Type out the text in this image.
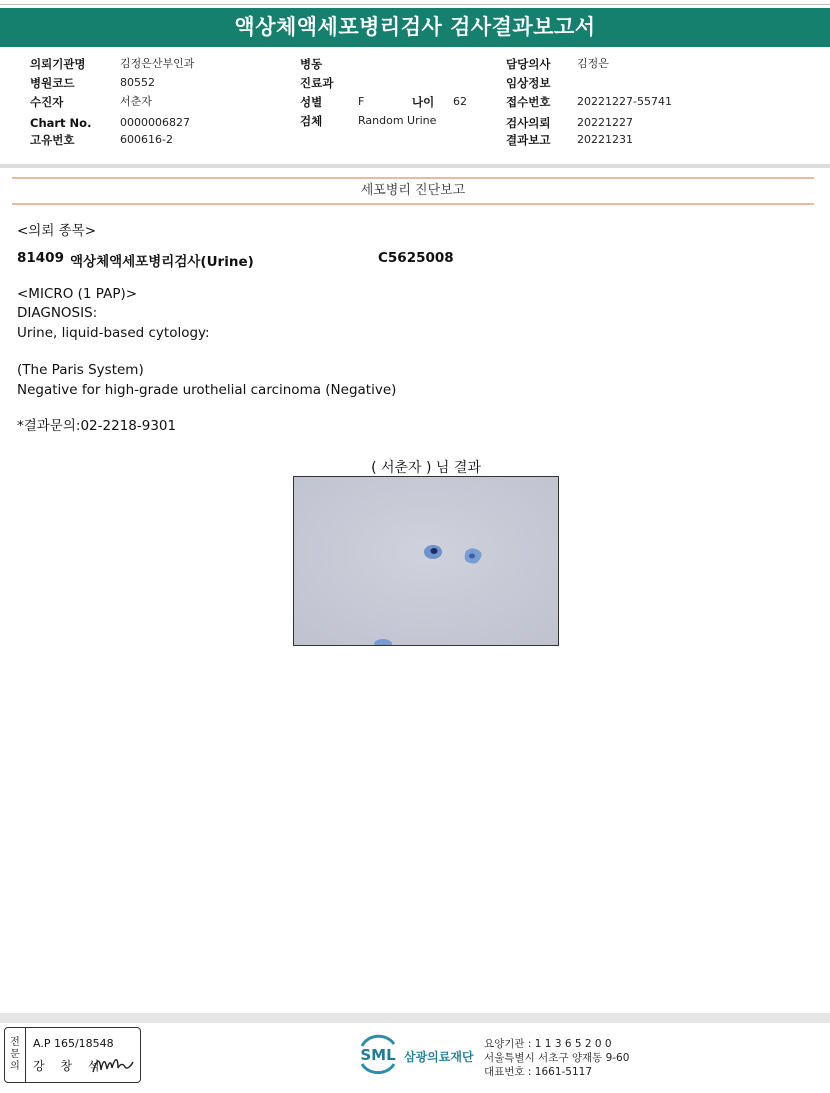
액상체액세포병리검사 검사결과보고서
의뢰기관명	김정은산부인과
병원코드	80552
수진자	서춘자
Chart No.	0000006827
고유번호	600616-2
병동
진료과
성별	F	나이 62
검체	Random Urine
담당의사 김정은
임상정보
접수번호 20221227-55741
검사의뢰 20221227
결과보고 20221231
세포병리 진단보고
<의뢰 종목>
81409 액상체액세포병리검사(Urine)	C5625008
<MICRO (1 PAP)>
DIAGNOSIS:
Urine, liquid-based cytology:
(The Paris System)
Negative for high-grade urothelial carcinoma (Negative)
*결과문의:02-2218-9301
( 서춘자 ) 님 결과
전
문
의
A.P 165/18548
강 창 석
SML 삼광의료재단
요양기관 : 1 1 3 6 5 2 0 0
서울특별시 서초구 양재동 9-60
대표번호 : 1661-5117
